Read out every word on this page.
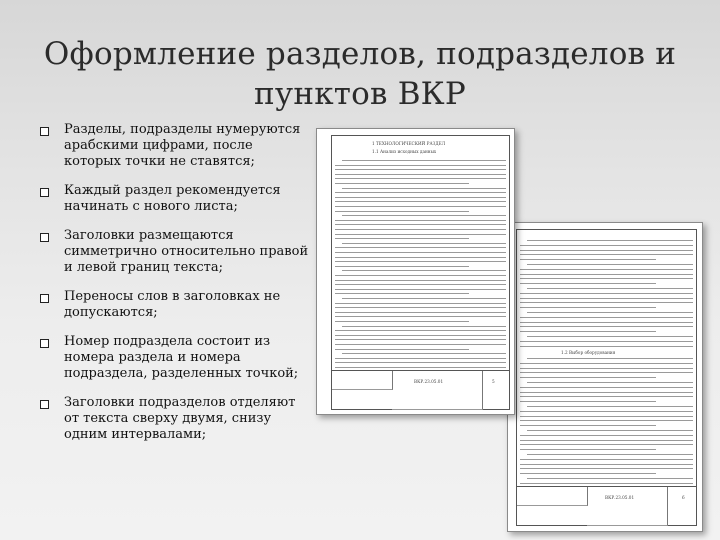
Оформление разделов, подразделов и пунктов ВКР
Разделы, подразделы нумеруются арабскими цифрами, после которых точки не ставятся;
Каждый раздел рекомендуется начинать с нового листа;
Заголовки размещаются симметрично относительно правой и левой границ текста;
Переносы слов в заголовках не допускаются;
Номер подраздела состоит из номера раздела и номера подраздела, разделенных точкой;
Заголовки подразделов отделяют от текста сверху двумя, снизу одним интервалами;
1.2 Выбор оборудования
ВКР.23.05.01	6
1 ТЕХНОЛОГИЧЕСКИЙ РАЗДЕЛ
1.1 Анализ исходных данных
ВКР.23.05.01	5
